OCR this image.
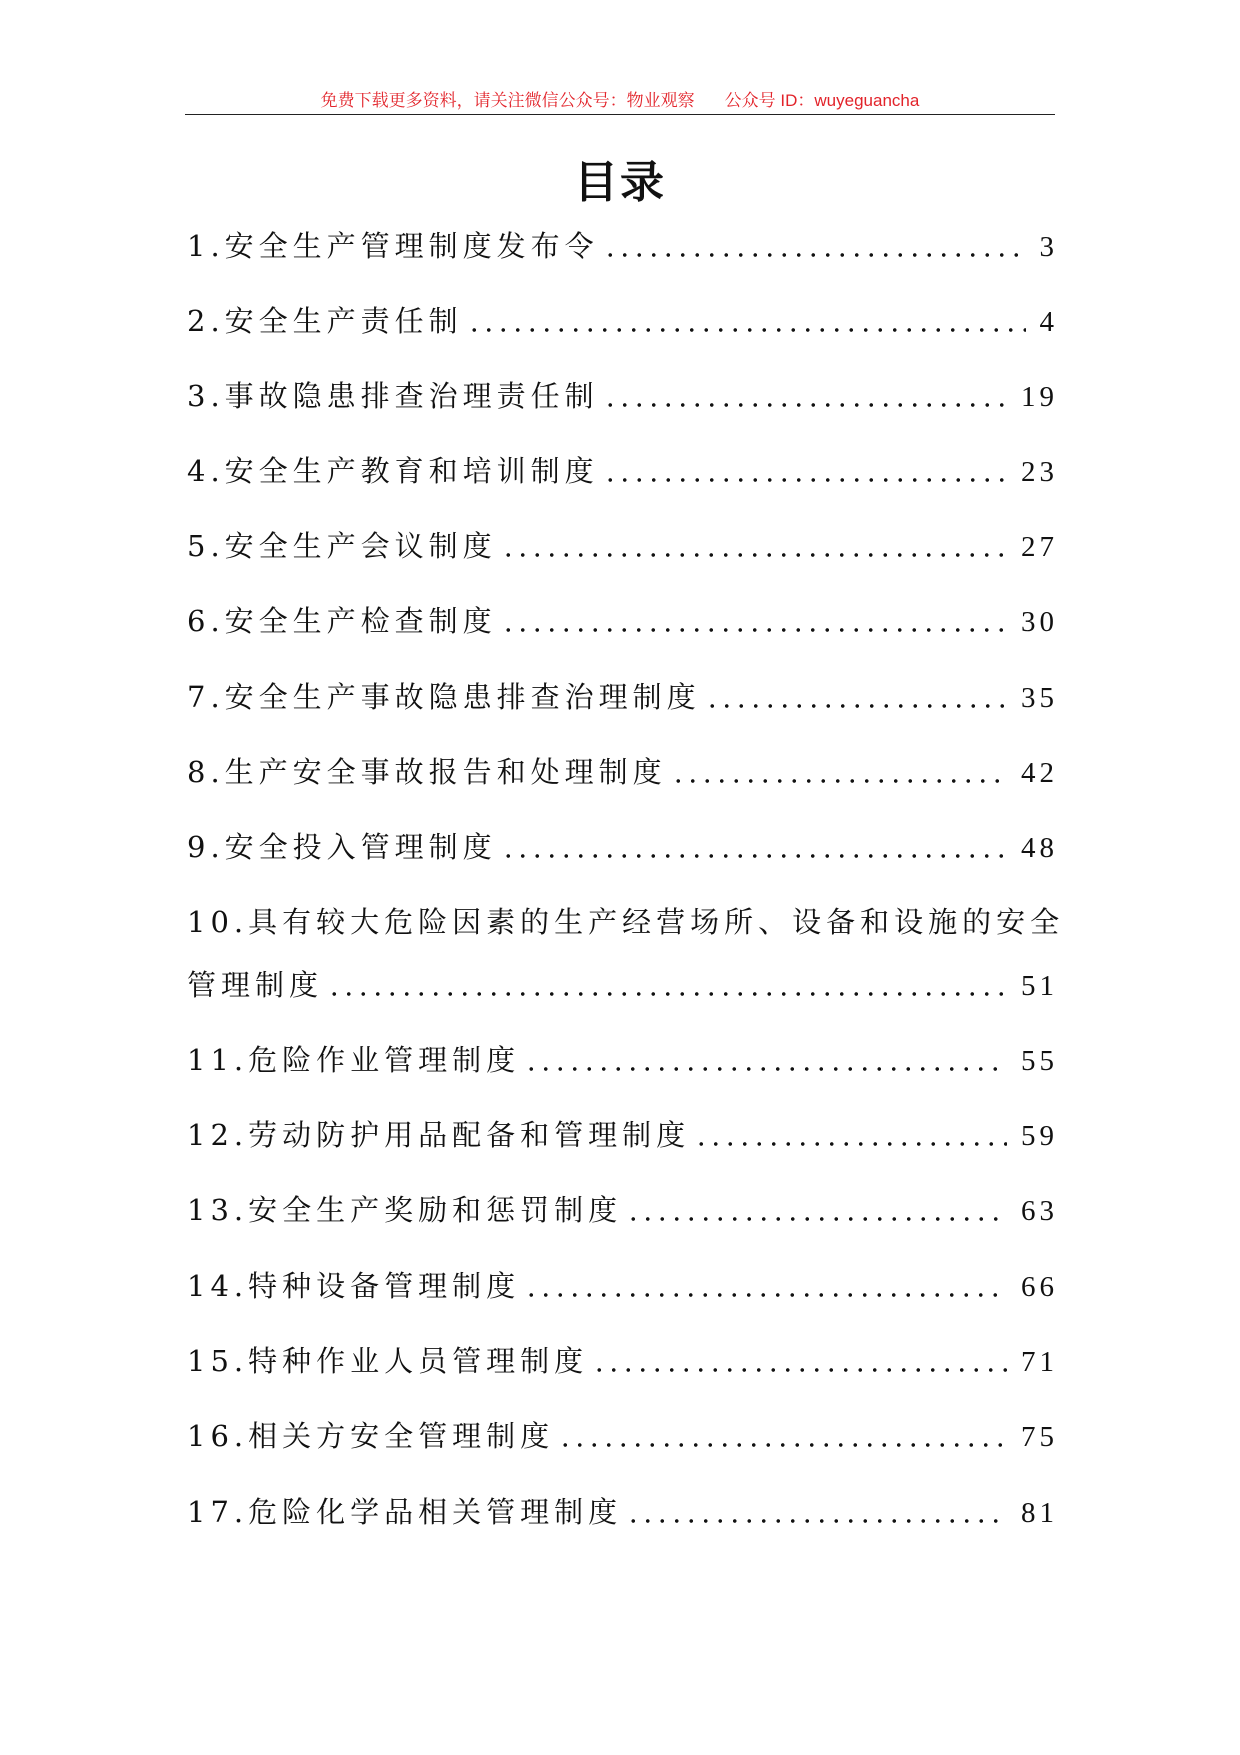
免费下载更多资料，请关注微信公众号：物业观察 公众号 ID：wuyeguancha
目录
1.安全生产管理制度发布令	3
2.安全生产责任制	4
3.事故隐患排查治理责任制	19
4.安全生产教育和培训制度	23
5.安全生产会议制度	27
6.安全生产检查制度	30
7.安全生产事故隐患排查治理制度	35
8.生产安全事故报告和处理制度	42
9.安全投入管理制度	48
10.具有较大危险因素的生产经营场所、设备和设施的安全
管理制度	51
11.危险作业管理制度	55
12.劳动防护用品配备和管理制度	59
13.安全生产奖励和惩罚制度	63
14.特种设备管理制度	66
15.特种作业人员管理制度	71
16.相关方安全管理制度	75
17.危险化学品相关管理制度	81
